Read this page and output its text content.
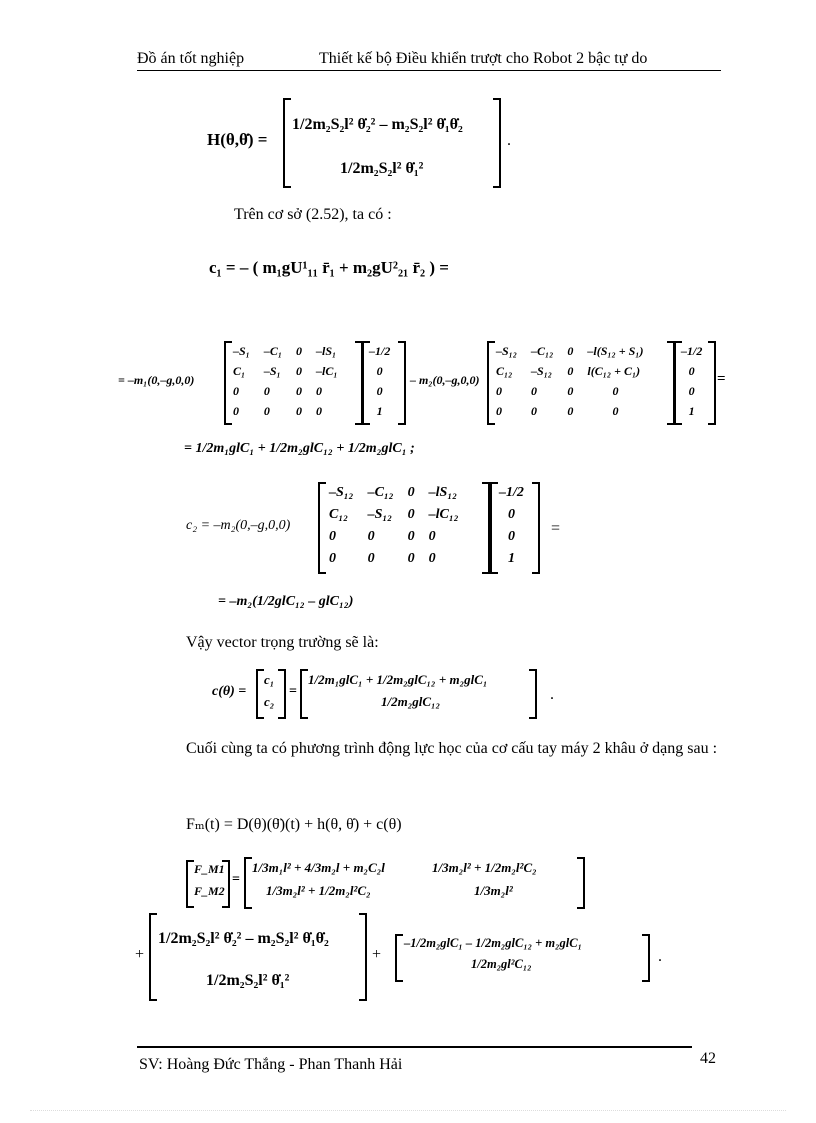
Đồ án tốt nghiệp	Thiết kế bộ Điều khiển trượt cho Robot 2 bậc tự do
H(θ,θ̇) =
1/2m₂S₂l² θ̇₂² – m₂S₂l² θ̇₁θ̇₂
1/2m₂S₂l² θ̇₁²
.
Trên cơ sở (2.52), ta có :
c₁ = – ( m₁gU¹₁₁ r̄₁ + m₂gU²₂₁ r̄₂ ) =
= –m₁(0,–g,0,0)
–S₁	–C₁	0	–lS₁
C₁	–S₁	0	–lC₁
0	0	0	0
0	0	0	0
–1/2
0
0
1
– m₂(0,–g,0,0)
–S₁₂	–C₁₂	0	–l(S₁₂ + S₁)
C₁₂	–S₁₂	0	l(C₁₂ + C₁)
0	0	0	0
0	0	0	0
–1/2
0
0
1
=
= 1/2m₁glC₁ + 1/2m₂glC₁₂ + 1/2m₂glC₁ ;
c₂ = –m₂(0,–g,0,0)
–S₁₂	–C₁₂	0	–lS₁₂
C₁₂	–S₁₂	0	–lC₁₂
0	0	0	0
0	0	0	0
–1/2
0
0
1
=
= –m₂(1/2glC₁₂ – glC₁₂)
Vậy vector trọng trường sẽ là:
c(θ) =
c₁
c₂
=
1/2m₁glC₁ + 1/2m₂glC₁₂ + m₂glC₁
1/2m₂glC₁₂	.
Cuối cùng ta có phương trình động lực học của cơ cấu tay máy 2 khâu ở dạng sau :
Fₘ(t) = D(θ)(θ̈)(t) + h(θ, θ̇) + c(θ)
F_M1
F_M2
=
1/3m₁l² + 4/3m₂l + m₂C₂l	1/3m₂l² + 1/2m₂l²C₂
1/3m₂l² + 1/2m₂l²C₂	1/3m₂l²
+
1/2m₂S₂l² θ̇₂² – m₂S₂l² θ̇₁θ̇₂
1/2m₂S₂l² θ̇₁²
+
–1/2m₂glC₁ – 1/2m₂glC₁₂ + m₂glC₁
1/2m₂gl²C₁₂	.
SV: Hoàng Đức Thắng - Phan Thanh Hải	42
